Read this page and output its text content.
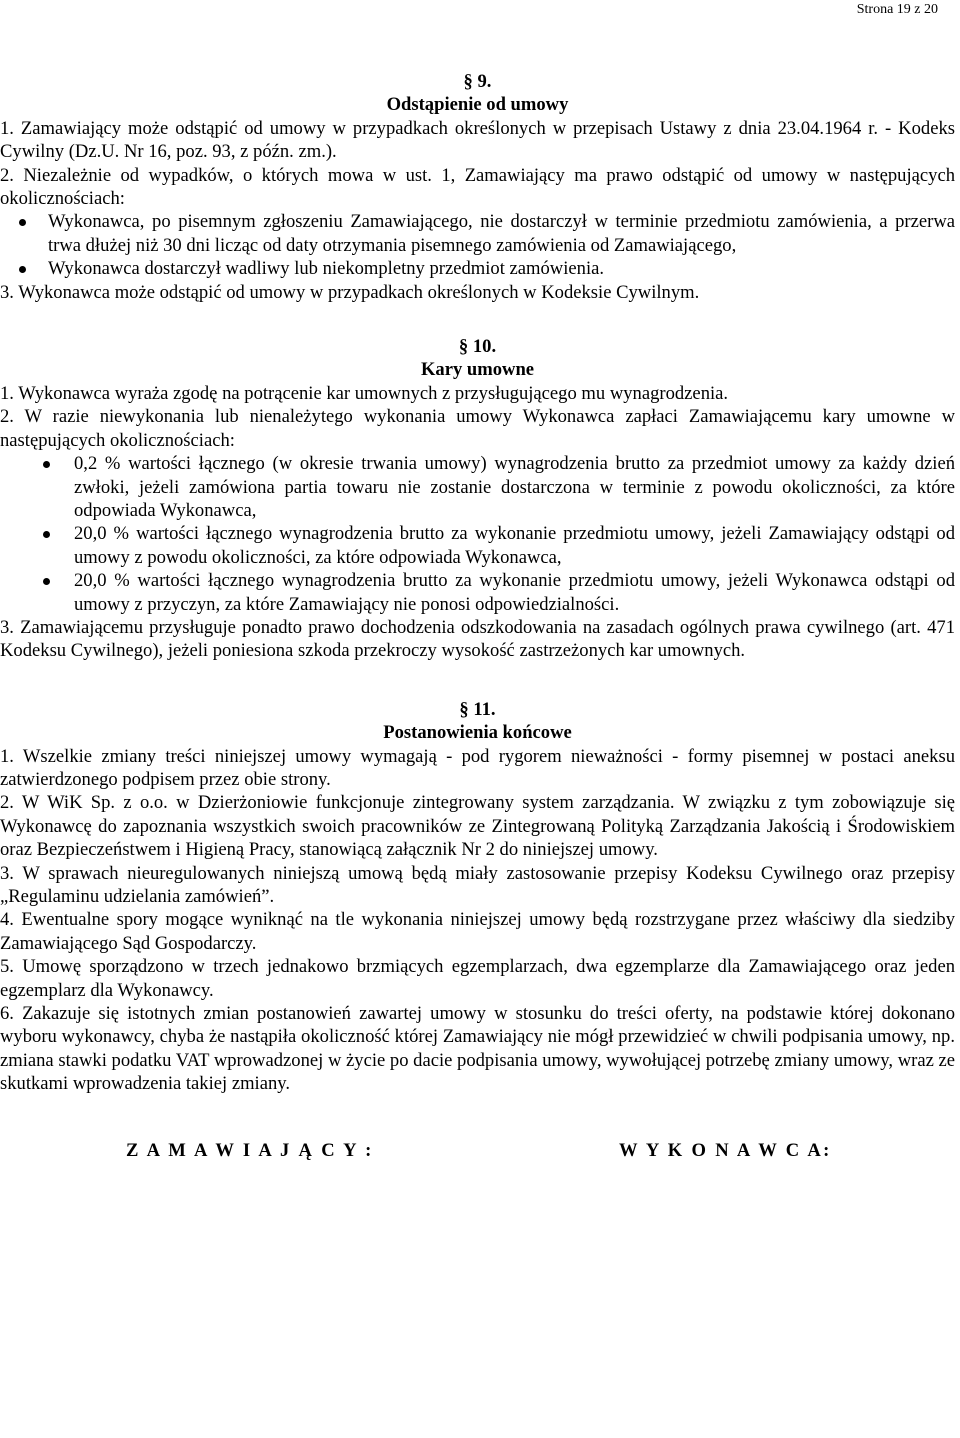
Strona 19 z 20
§ 9.
Odstąpienie od umowy

1. Zamawiający może odstąpić od umowy w przypadkach określonych w przepisach Ustawy z dnia 23.04.1964 r. - Kodeks Cywilny (Dz.U. Nr 16, poz. 93, z późn. zm.).

2. Niezależnie od wypadków, o których mowa w ust. 1, Zamawiający ma prawo odstąpić od umowy w następujących okolicznościach:

Wykonawca, po pisemnym zgłoszeniu Zamawiającego, nie dostarczył w terminie przedmiotu zamówienia, a przerwa trwa dłużej niż 30 dni licząc od daty otrzymania pisemnego zamówienia od Zamawiającego,
Wykonawca dostarczył wadliwy lub niekompletny przedmiot zamówienia.

3. Wykonawca może odstąpić od umowy w przypadkach określonych w Kodeksie Cywilnym.

§ 10.
Kary umowne

1. Wykonawca wyraża zgodę na potrącenie kar umownych z przysługującego mu wynagrodzenia.

2. W razie niewykonania lub nienależytego wykonania umowy Wykonawca zapłaci Zamawiającemu kary umowne w następujących okolicznościach:

0,2 % wartości łącznego (w okresie trwania umowy) wynagrodzenia brutto za przedmiot umowy za każdy dzień zwłoki, jeżeli zamówiona partia towaru nie zostanie dostarczona w terminie z powodu okoliczności, za które odpowiada Wykonawca,
20,0 % wartości łącznego wynagrodzenia brutto za wykonanie przedmiotu umowy, jeżeli Zamawiający odstąpi od umowy z powodu okoliczności, za które odpowiada Wykonawca,
20,0 % wartości łącznego wynagrodzenia brutto za wykonanie przedmiotu umowy, jeżeli Wykonawca odstąpi od umowy z przyczyn, za które Zamawiający nie ponosi odpowiedzialności.

3. Zamawiającemu przysługuje ponadto prawo dochodzenia odszkodowania na zasadach ogólnych prawa cywilnego (art. 471 Kodeksu Cywilnego), jeżeli poniesiona szkoda przekroczy wysokość zastrzeżonych kar umownych.

§ 11.
Postanowienia końcowe

1. Wszelkie zmiany treści niniejszej umowy wymagają - pod rygorem nieważności - formy pisemnej w postaci aneksu zatwierdzonego podpisem przez obie strony.

2. W WiK Sp. z o.o. w Dzierżoniowie funkcjonuje zintegrowany system zarządzania. W związku z tym zobowiązuje się Wykonawcę do zapoznania wszystkich swoich pracowników ze Zintegrowaną Polityką Zarządzania Jakością i Środowiskiem oraz Bezpieczeństwem i Higieną Pracy, stanowiącą załącznik Nr 2 do niniejszej umowy.

3. W sprawach nieuregulowanych niniejszą umową będą miały zastosowanie przepisy Kodeksu Cywilnego oraz przepisy „Regulaminu udzielania zamówień”.

4. Ewentualne spory mogące wyniknąć na tle wykonania niniejszej umowy będą rozstrzygane przez właściwy dla siedziby Zamawiającego Sąd Gospodarczy.

5. Umowę sporządzono w trzech jednakowo brzmiących egzemplarzach, dwa egzemplarze dla Zamawiającego oraz jeden egzemplarz dla Wykonawcy.

6. Zakazuje się istotnych zmian postanowień zawartej umowy w stosunku do treści oferty, na podstawie której dokonano wyboru wykonawcy, chyba że nastąpiła okoliczność której Zamawiający nie mógł przewidzieć w chwili podpisania umowy, np. zmiana stawki podatku VAT wprowadzonej w życie po dacie podpisania umowy, wywołującej potrzebę zmiany umowy, wraz ze skutkami wprowadzenia takiej zmiany.

Z A M A W I A J Ą C Y :	W Y K O N A W C A:
